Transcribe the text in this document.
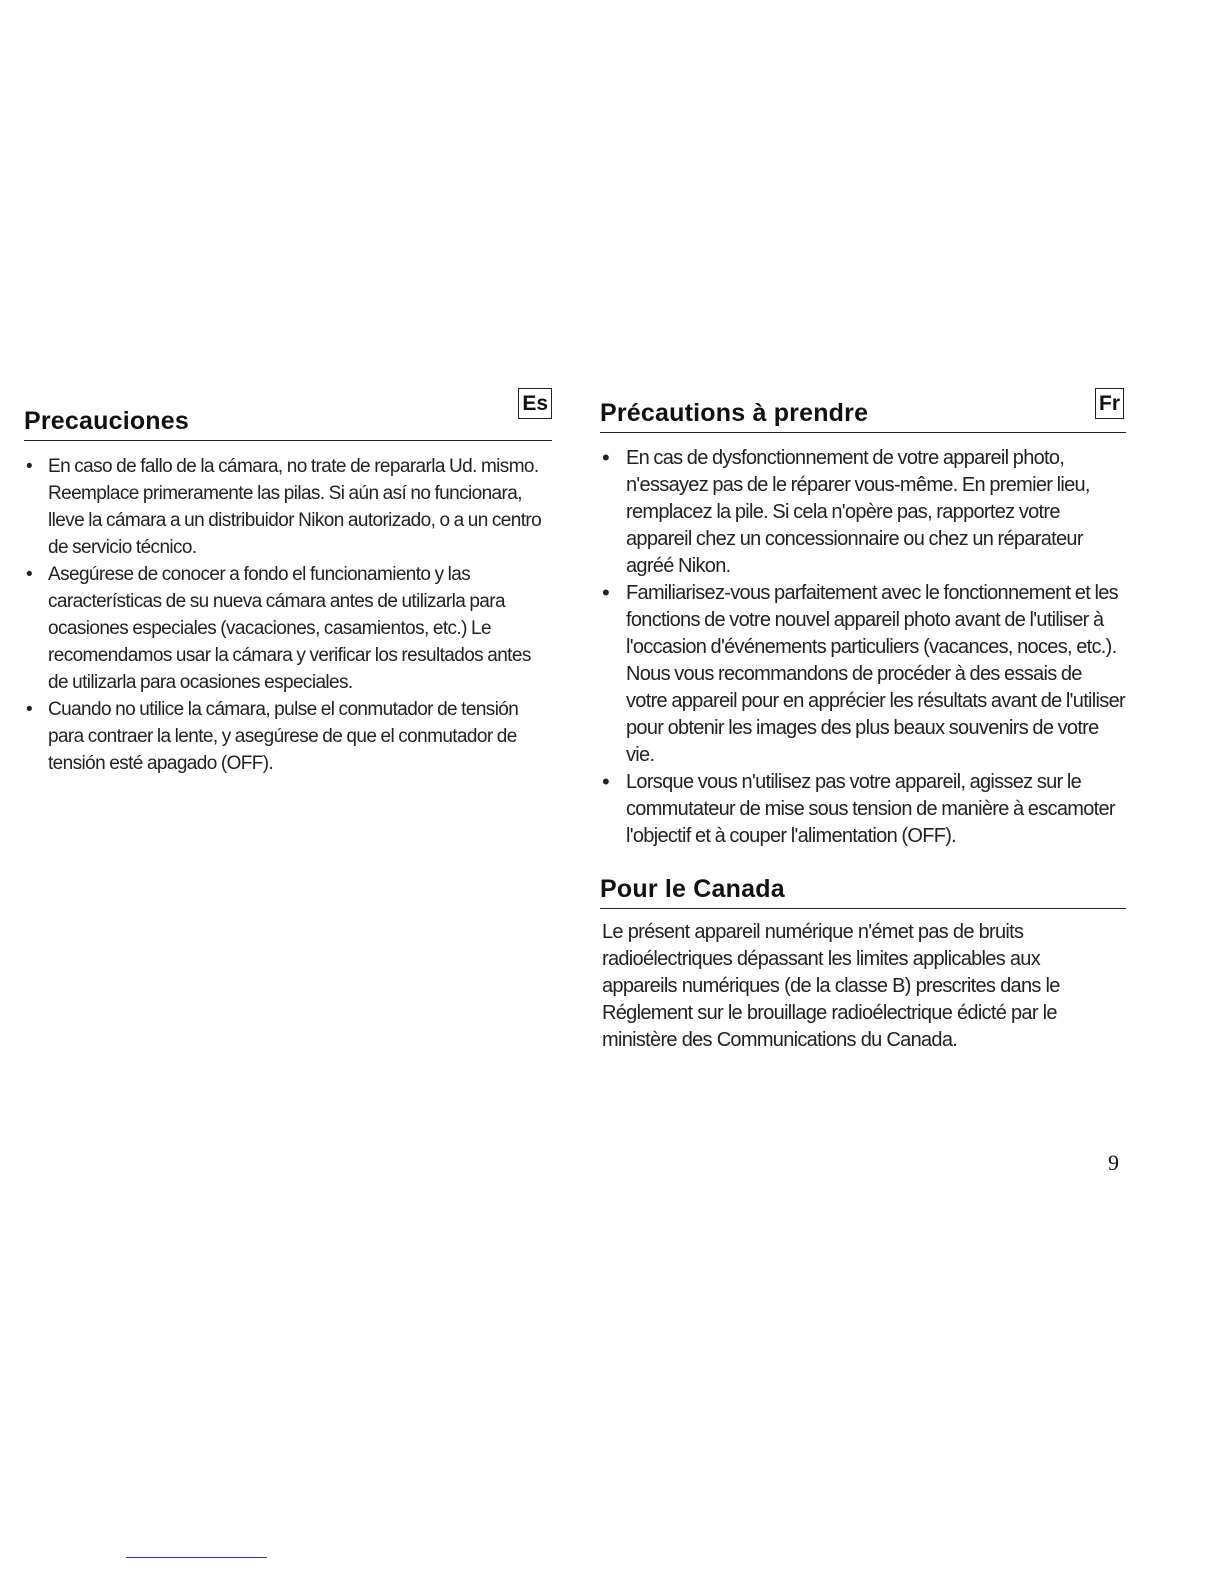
Precauciones
Es
• En caso de fallo de la cámara, no trate de repararla Ud. mismo. Reemplace primeramente las pilas. Si aún así no funcionara, lleve la cámara a un distribuidor Nikon autorizado, o a un centro de servicio técnico.
• Asegúrese de conocer a fondo el funcionamiento y las características de su nueva cámara antes de utilizarla para ocasiones especiales (vacaciones, casamientos, etc.) Le recomendamos usar la cámara y verificar los resultados antes de utilizarla para ocasiones especiales.
• Cuando no utilice la cámara, pulse el conmutador de tensión para contraer la lente, y asegúrese de que el conmutador de tensión esté apagado (OFF).
Précautions à prendre	Fr
• En cas de dysfonctionnement de votre appareil photo, n'essayez pas de le réparer vous-même. En premier lieu, remplacez la pile. Si cela n'opère pas, rapportez votre appareil chez un concessionnaire ou chez un réparateur agréé Nikon.
• Familiarisez-vous parfaitement avec le fonctionnement et les fonctions de votre nouvel appareil photo avant de l'utiliser à l'occasion d'événements particuliers (vacances, noces, etc.). Nous vous recommandons de procéder à des essais de votre appareil pour en apprécier les résultats avant de l'utiliser pour obtenir les images des plus beaux souvenirs de votre vie.
• Lorsque vous n'utilisez pas votre appareil, agissez sur le commutateur de mise sous tension de manière à escamoter l'objectif et à couper l'alimentation (OFF).
Pour le Canada

Le présent appareil numérique n'émet pas de bruits radioélectriques dépassant les limites applicables aux appareils numériques (de la classe B) prescrites dans le Réglement sur le brouillage radioélectrique édicté par le ministère des Communications du Canada.

9
